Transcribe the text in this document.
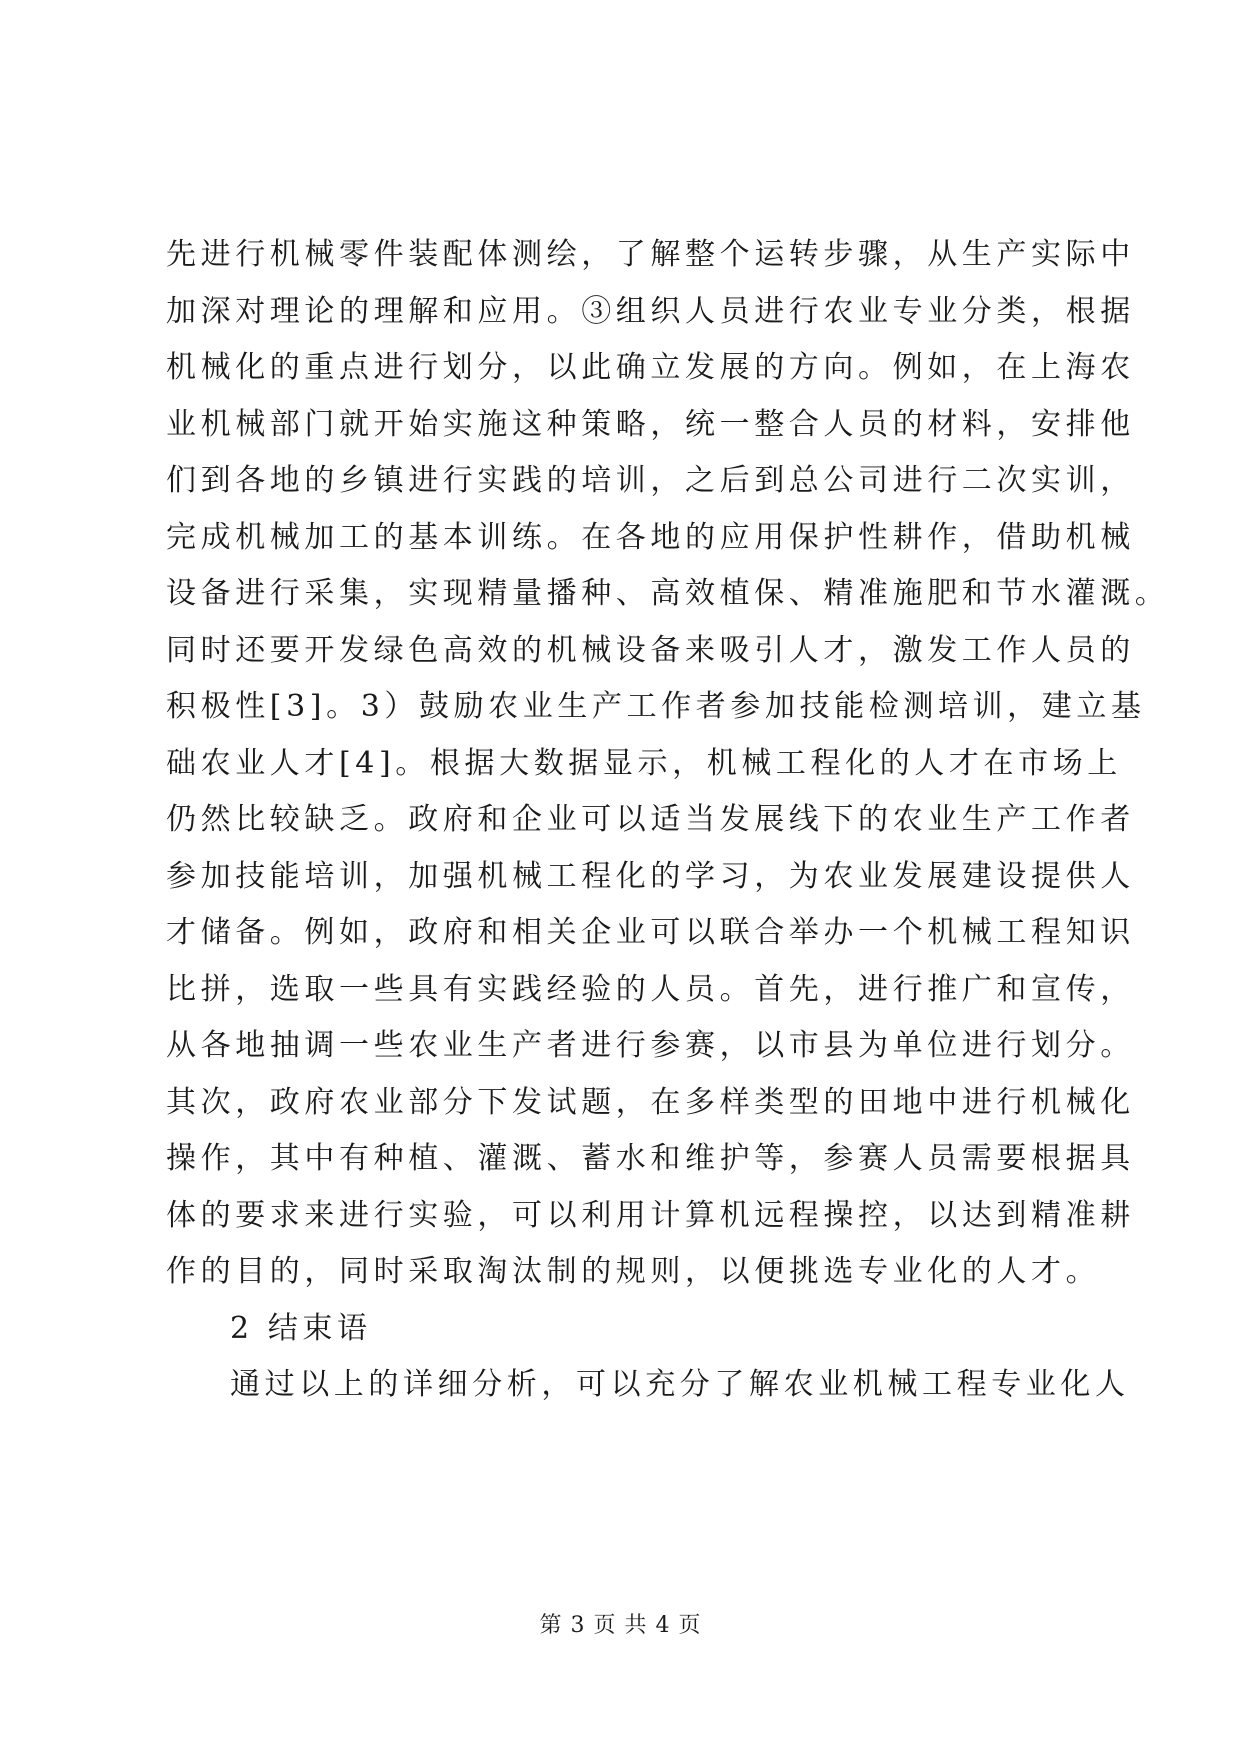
先进行机械零件装配体测绘，了解整个运转步骤，从生产实际中
加深对理论的理解和应用。③组织人员进行农业专业分类，根据
机械化的重点进行划分，以此确立发展的方向。例如，在上海农
业机械部门就开始实施这种策略，统一整合人员的材料，安排他
们到各地的乡镇进行实践的培训，之后到总公司进行二次实训，
完成机械加工的基本训练。在各地的应用保护性耕作，借助机械
设备进行采集，实现精量播种、高效植保、精准施肥和节水灌溉。
同时还要开发绿色高效的机械设备来吸引人才，激发工作人员的
积极性[3]。3）鼓励农业生产工作者参加技能检测培训，建立基
础农业人才[4]。根据大数据显示，机械工程化的人才在市场上
仍然比较缺乏。政府和企业可以适当发展线下的农业生产工作者
参加技能培训，加强机械工程化的学习，为农业发展建设提供人
才储备。例如，政府和相关企业可以联合举办一个机械工程知识
比拼，选取一些具有实践经验的人员。首先，进行推广和宣传，
从各地抽调一些农业生产者进行参赛，以市县为单位进行划分。
其次，政府农业部分下发试题，在多样类型的田地中进行机械化
操作，其中有种植、灌溉、蓄水和维护等，参赛人员需要根据具
体的要求来进行实验，可以利用计算机远程操控，以达到精准耕
作的目的，同时采取淘汰制的规则，以便挑选专业化的人才。
2 结束语
通过以上的详细分析，可以充分了解农业机械工程专业化人
第 3 页 共 4 页
